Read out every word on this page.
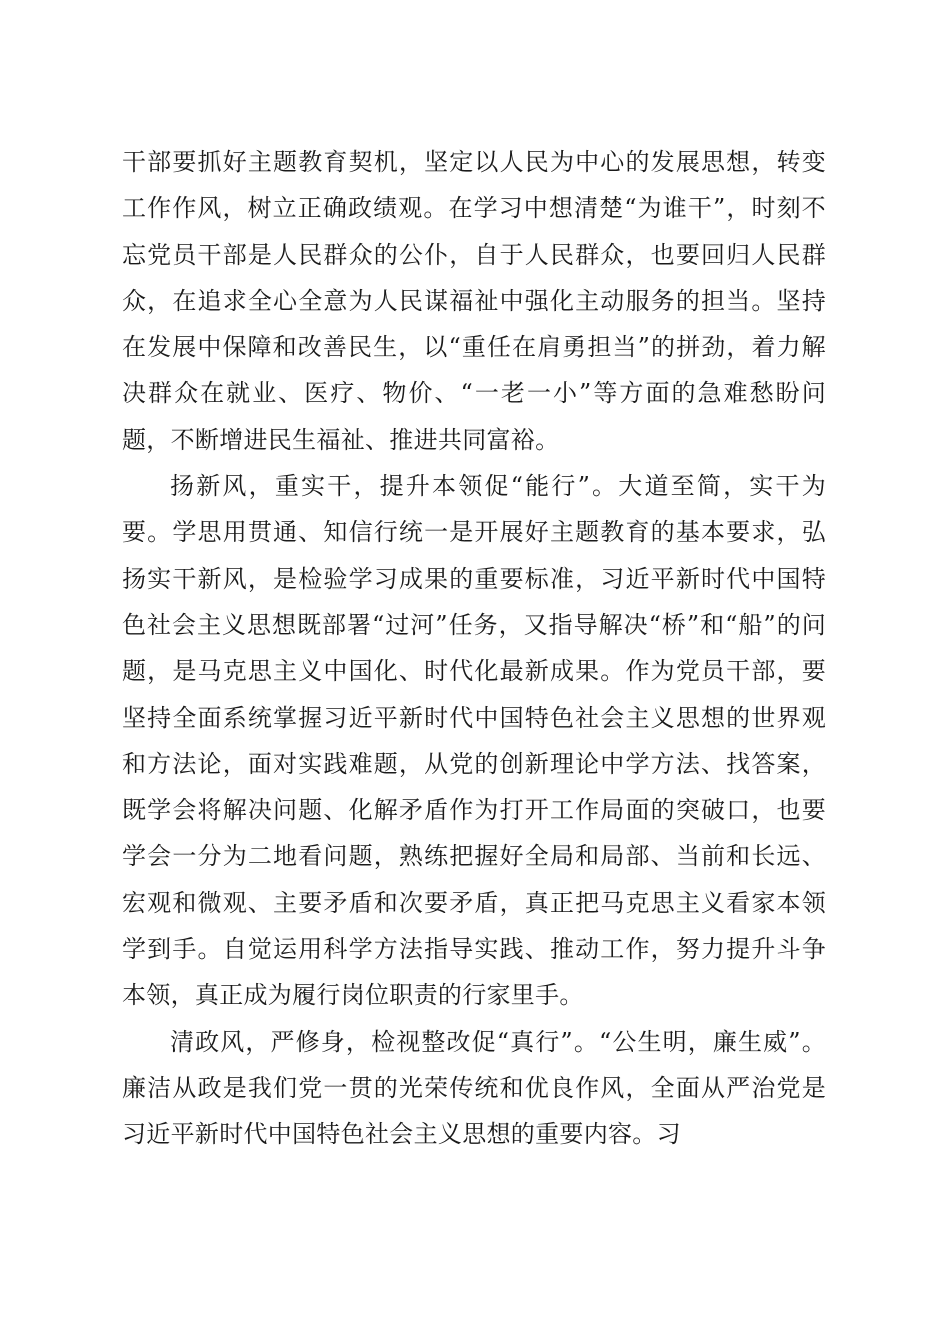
干部要抓好主题教育契机，坚定以人民为中心的发展思想，转变工作作风，树立正确政绩观。在学习中想清楚“为谁干”，时刻不忘党员干部是人民群众的公仆，自于人民群众，也要回归人民群众，在追求全心全意为人民谋福祉中强化主动服务的担当。坚持在发展中保障和改善民生，以“重任在肩勇担当”的拼劲，着力解决群众在就业、医疗、物价、“一老一小”等方面的急难愁盼问题，不断增进民生福祉、推进共同富裕。

扬新风，重实干，提升本领促“能行”。大道至简，实干为要。学思用贯通、知信行统一是开展好主题教育的基本要求，弘扬实干新风，是检验学习成果的重要标准，习近平新时代中国特色社会主义思想既部署“过河”任务，又指导解决“桥”和“船”的问题，是马克思主义中国化、时代化最新成果。作为党员干部，要坚持全面系统掌握习近平新时代中国特色社会主义思想的世界观和方法论，面对实践难题，从党的创新理论中学方法、找答案，既学会将解决问题、化解矛盾作为打开工作局面的突破口，也要学会一分为二地看问题，熟练把握好全局和局部、当前和长远、宏观和微观、主要矛盾和次要矛盾，真正把马克思主义看家本领学到手。自觉运用科学方法指导实践、推动工作，努力提升斗争本领，真正成为履行岗位职责的行家里手。

清政风，严修身，检视整改促“真行”。“公生明，廉生威”。廉洁从政是我们党一贯的光荣传统和优良作风，全面从严治党是习近平新时代中国特色社会主义思想的重要内容。习
